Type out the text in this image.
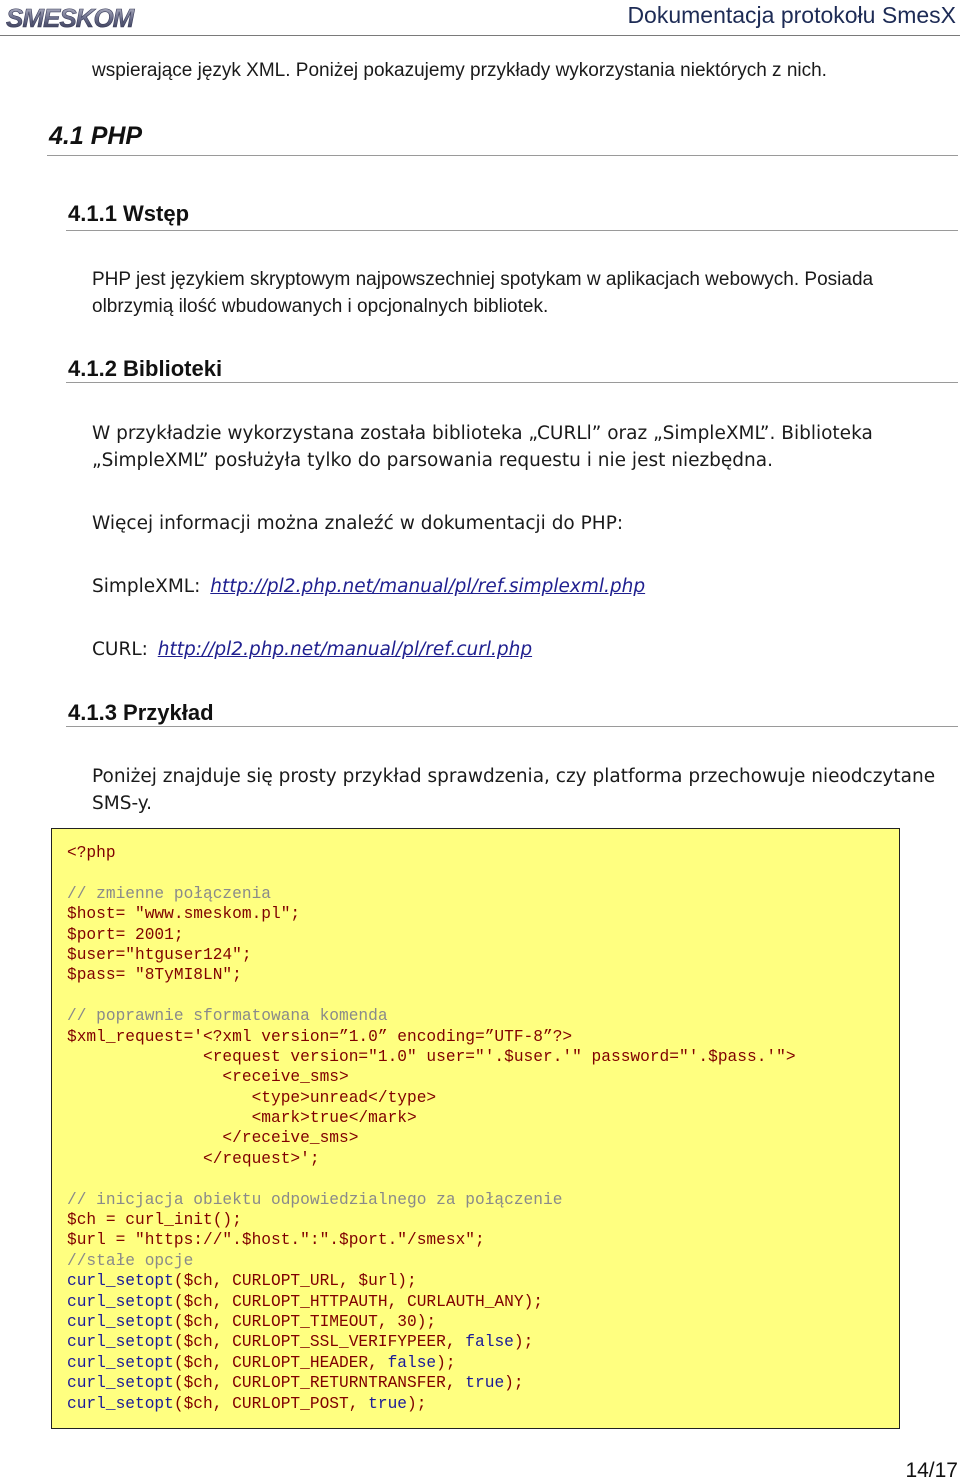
SMESKOM	Dokumentacja protokołu SmesX
wspierające język XML. Poniżej pokazujemy przykłady wykorzystania niektórych z nich.
4.1 PHP
4.1.1 Wstęp
PHP jest językiem skryptowym najpowszechniej spotykam w aplikacjach webowych. Posiada
olbrzymią ilość wbudowanych i opcjonalnych bibliotek.
4.1.2 Biblioteki
W przykładzie wykorzystana została biblioteka „CURLl” oraz „SimpleXML”. Biblioteka
„SimpleXML” posłużyła tylko do parsowania requestu i nie jest niezbędna.
Więcej informacji można znaleźć w dokumentacji do PHP:
SimpleXML: http://pl2.php.net/manual/pl/ref.simplexml.php
CURL: http://pl2.php.net/manual/pl/ref.curl.php
4.1.3 Przykład
Poniżej znajduje się prosty przykład sprawdzenia, czy platforma przechowuje nieodczytane
SMS-y.
<?php
// zmienne połączenia
$host= "www.smeskom.pl";
$port= 2001;
$user="htguser124";
$pass= "8TyMI8LN";
// poprawnie sformatowana komenda
$xml_request='<?xml version=”1.0” encoding=”UTF-8”?>
<request version="1.0" user="'.$user.'" password="'.$pass.'">
<receive_sms>
<type>unread</type>
<mark>true</mark>
</receive_sms>
</request>';
// inicjacja obiektu odpowiedzialnego za połączenie
$ch = curl_init();
$url = "https://".$host.":".$port."/smesx";
//stałe opcje
curl_setopt($ch, CURLOPT_URL, $url);
curl_setopt($ch, CURLOPT_HTTPAUTH, CURLAUTH_ANY);
curl_setopt($ch, CURLOPT_TIMEOUT, 30);
curl_setopt($ch, CURLOPT_SSL_VERIFYPEER, false);
curl_setopt($ch, CURLOPT_HEADER, false);
curl_setopt($ch, CURLOPT_RETURNTRANSFER, true);
curl_setopt($ch, CURLOPT_POST, true);
14/17
